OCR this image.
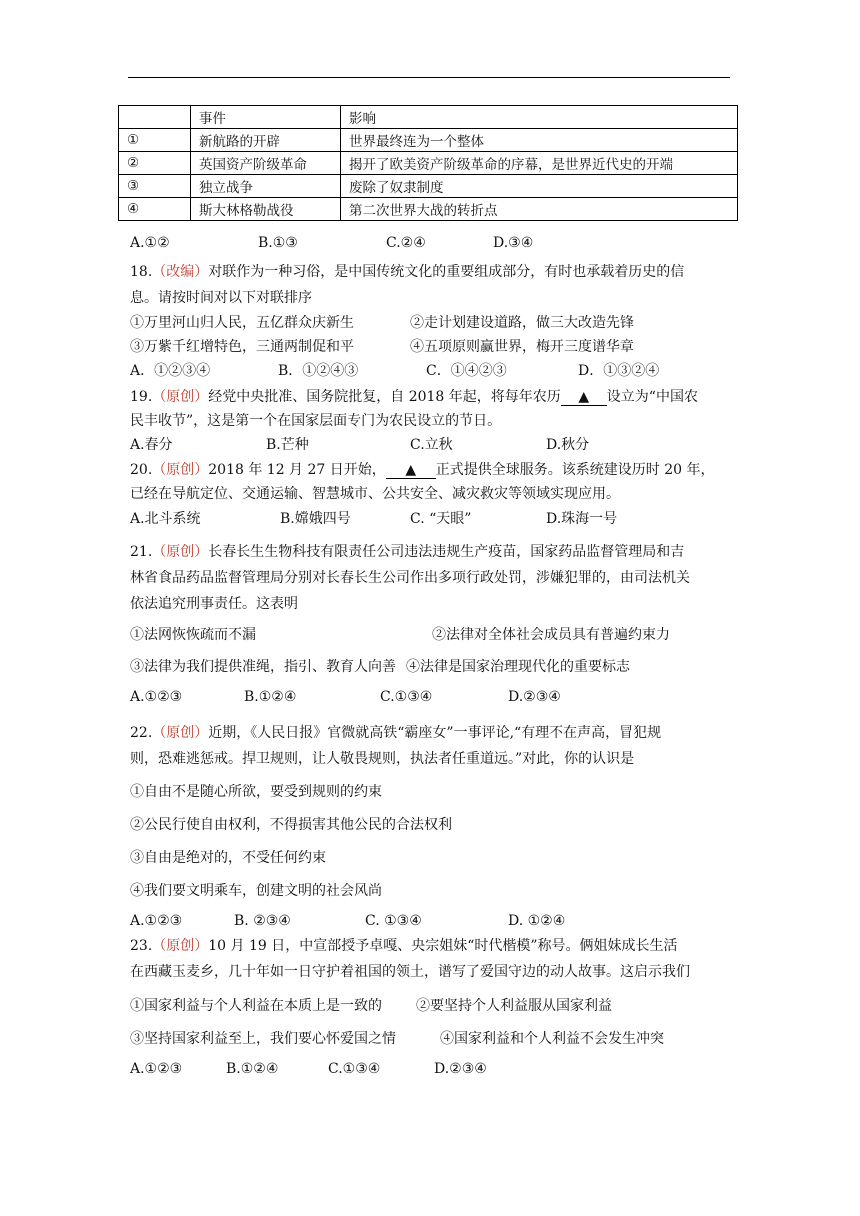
	事件	影响
①	新航路的开辟	世界最终连为一个整体
②	英国资产阶级革命	揭开了欧美资产阶级革命的序幕，是世界近代史的开端
③	独立战争	废除了奴隶制度
④	斯大林格勒战役	第二次世界大战的转折点
A.①②	B.①③	C.②④	D.③④
18.（改编）对联作为一种习俗，是中国传统文化的重要组成部分，有时也承载着历史的信
息。请按时间对以下对联排序
①万里河山归人民，五亿群众庆新生	②走计划建设道路，做三大改造先锋
③万紫千红增特色，三通两制促和平	④五项原则赢世界，梅开三度谱华章
A．①②③④	B．①②④③	C．①④②③	D．①③②④
19.（原创）经党中央批准、国务院批复，自 2018 年起，将每年农历 ▲ 设立为“中国农
民丰收节”，这是第一个在国家层面专门为农民设立的节日。
A.春分	B.芒种	C.立秋	D.秋分
20.（原创）2018 年 12 月 27 日开始， ▲ 正式提供全球服务。该系统建设历时 20 年，
已经在导航定位、交通运输、智慧城市、公共安全、减灾救灾等领域实现应用。
A.北斗系统	B.嫦娥四号	C. “天眼”	D.珠海一号
21.（原创）长春长生生物科技有限责任公司违法违规生产疫苗，国家药品监督管理局和吉
林省食品药品监督管理局分别对长春长生公司作出多项行政处罚，涉嫌犯罪的，由司法机关
依法追究刑事责任。这表明
①法网恢恢疏而不漏	②法律对全体社会成员具有普遍约束力
③法律为我们提供准绳，指引、教育人向善 ④法律是国家治理现代化的重要标志
A.①②③	B.①②④	C.①③④	D.②③④
22.（原创）近期，《人民日报》官微就高铁“霸座女”一事评论,“有理不在声高，冒犯规
则，恐难逃惩戒。捍卫规则，让人敬畏规则，执法者任重道远。”对此，你的认识是
①自由不是随心所欲，要受到规则的约束
②公民行使自由权利，不得损害其他公民的合法权利
③自由是绝对的，不受任何约束
④我们要文明乘车，创建文明的社会风尚
A.①②③	B. ②③④	C. ①③④	D. ①②④
23.（原创）10 月 19 日，中宣部授予卓嘎、央宗姐妹“时代楷模”称号。俩姐妹成长生活
在西藏玉麦乡，几十年如一日守护着祖国的领土，谱写了爱国守边的动人故事。这启示我们
①国家利益与个人利益在本质上是一致的 ②要坚持个人利益服从国家利益
③坚持国家利益至上，我们要心怀爱国之情	④国家利益和个人利益不会发生冲突
A.①②③	B.①②④	C.①③④	D.②③④
